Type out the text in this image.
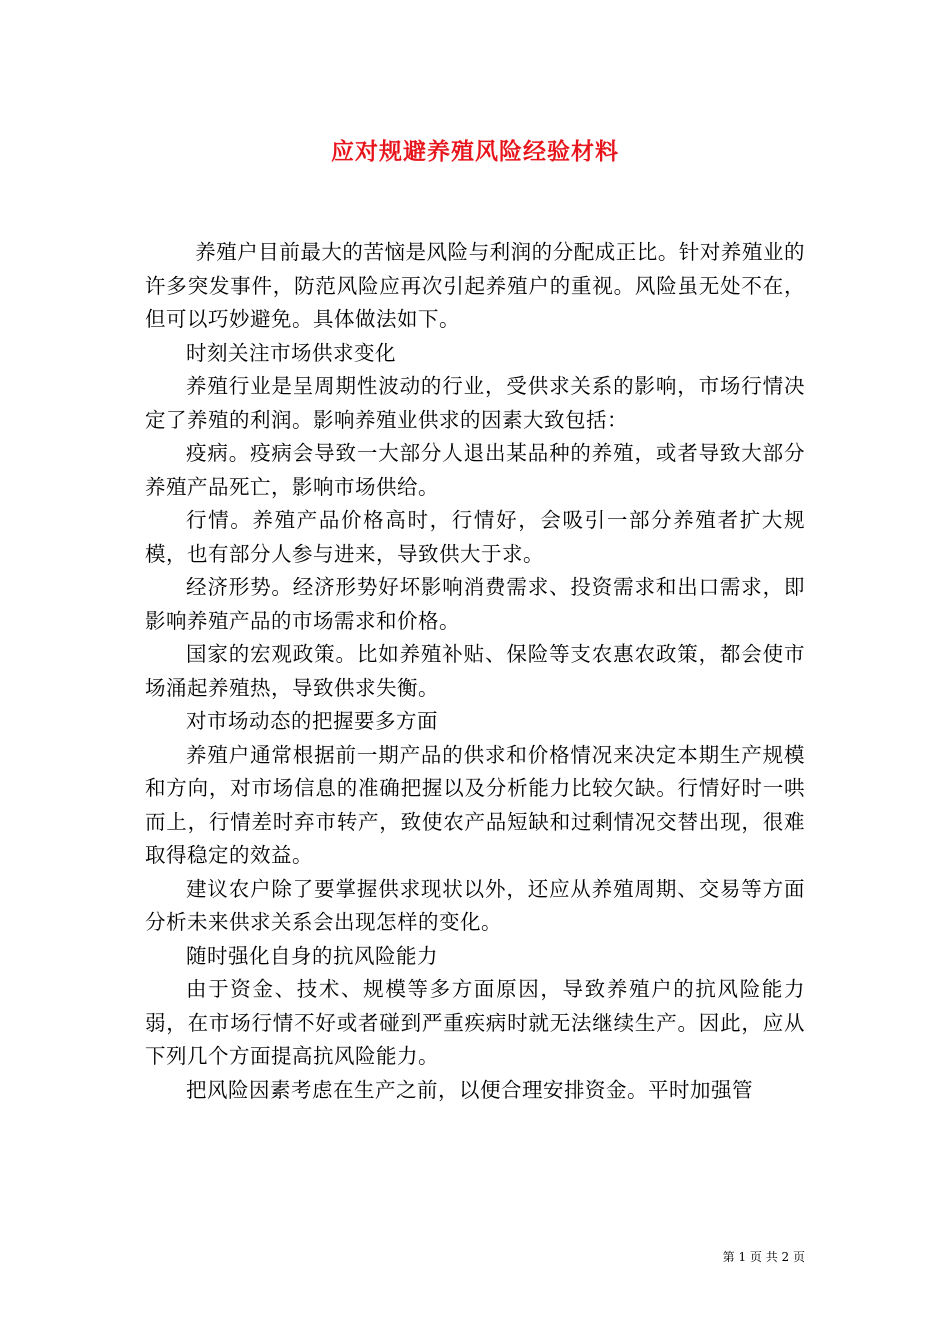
应对规避养殖风险经验材料

养殖户目前最大的苦恼是风险与利润的分配成正比。针对养殖业的许多突发事件，防范风险应再次引起养殖户的重视。风险虽无处不在，但可以巧妙避免。具体做法如下。

时刻关注市场供求变化

养殖行业是呈周期性波动的行业，受供求关系的影响，市场行情决定了养殖的利润。影响养殖业供求的因素大致包括：

疫病。疫病会导致一大部分人退出某品种的养殖，或者导致大部分养殖产品死亡，影响市场供给。

行情。养殖产品价格高时，行情好，会吸引一部分养殖者扩大规模，也有部分人参与进来，导致供大于求。

经济形势。经济形势好坏影响消费需求、投资需求和出口需求，即影响养殖产品的市场需求和价格。

国家的宏观政策。比如养殖补贴、保险等支农惠农政策，都会使市场涌起养殖热，导致供求失衡。

对市场动态的把握要多方面

养殖户通常根据前一期产品的供求和价格情况来决定本期生产规模和方向，对市场信息的准确把握以及分析能力比较欠缺。行情好时一哄而上，行情差时弃市转产，致使农产品短缺和过剩情况交替出现，很难取得稳定的效益。

建议农户除了要掌握供求现状以外，还应从养殖周期、交易等方面分析未来供求关系会出现怎样的变化。

随时强化自身的抗风险能力

由于资金、技术、规模等多方面原因，导致养殖户的抗风险能力弱，在市场行情不好或者碰到严重疾病时就无法继续生产。因此，应从下列几个方面提高抗风险能力。

把风险因素考虑在生产之前，以便合理安排资金。平时加强管

第 1 页 共 2 页
